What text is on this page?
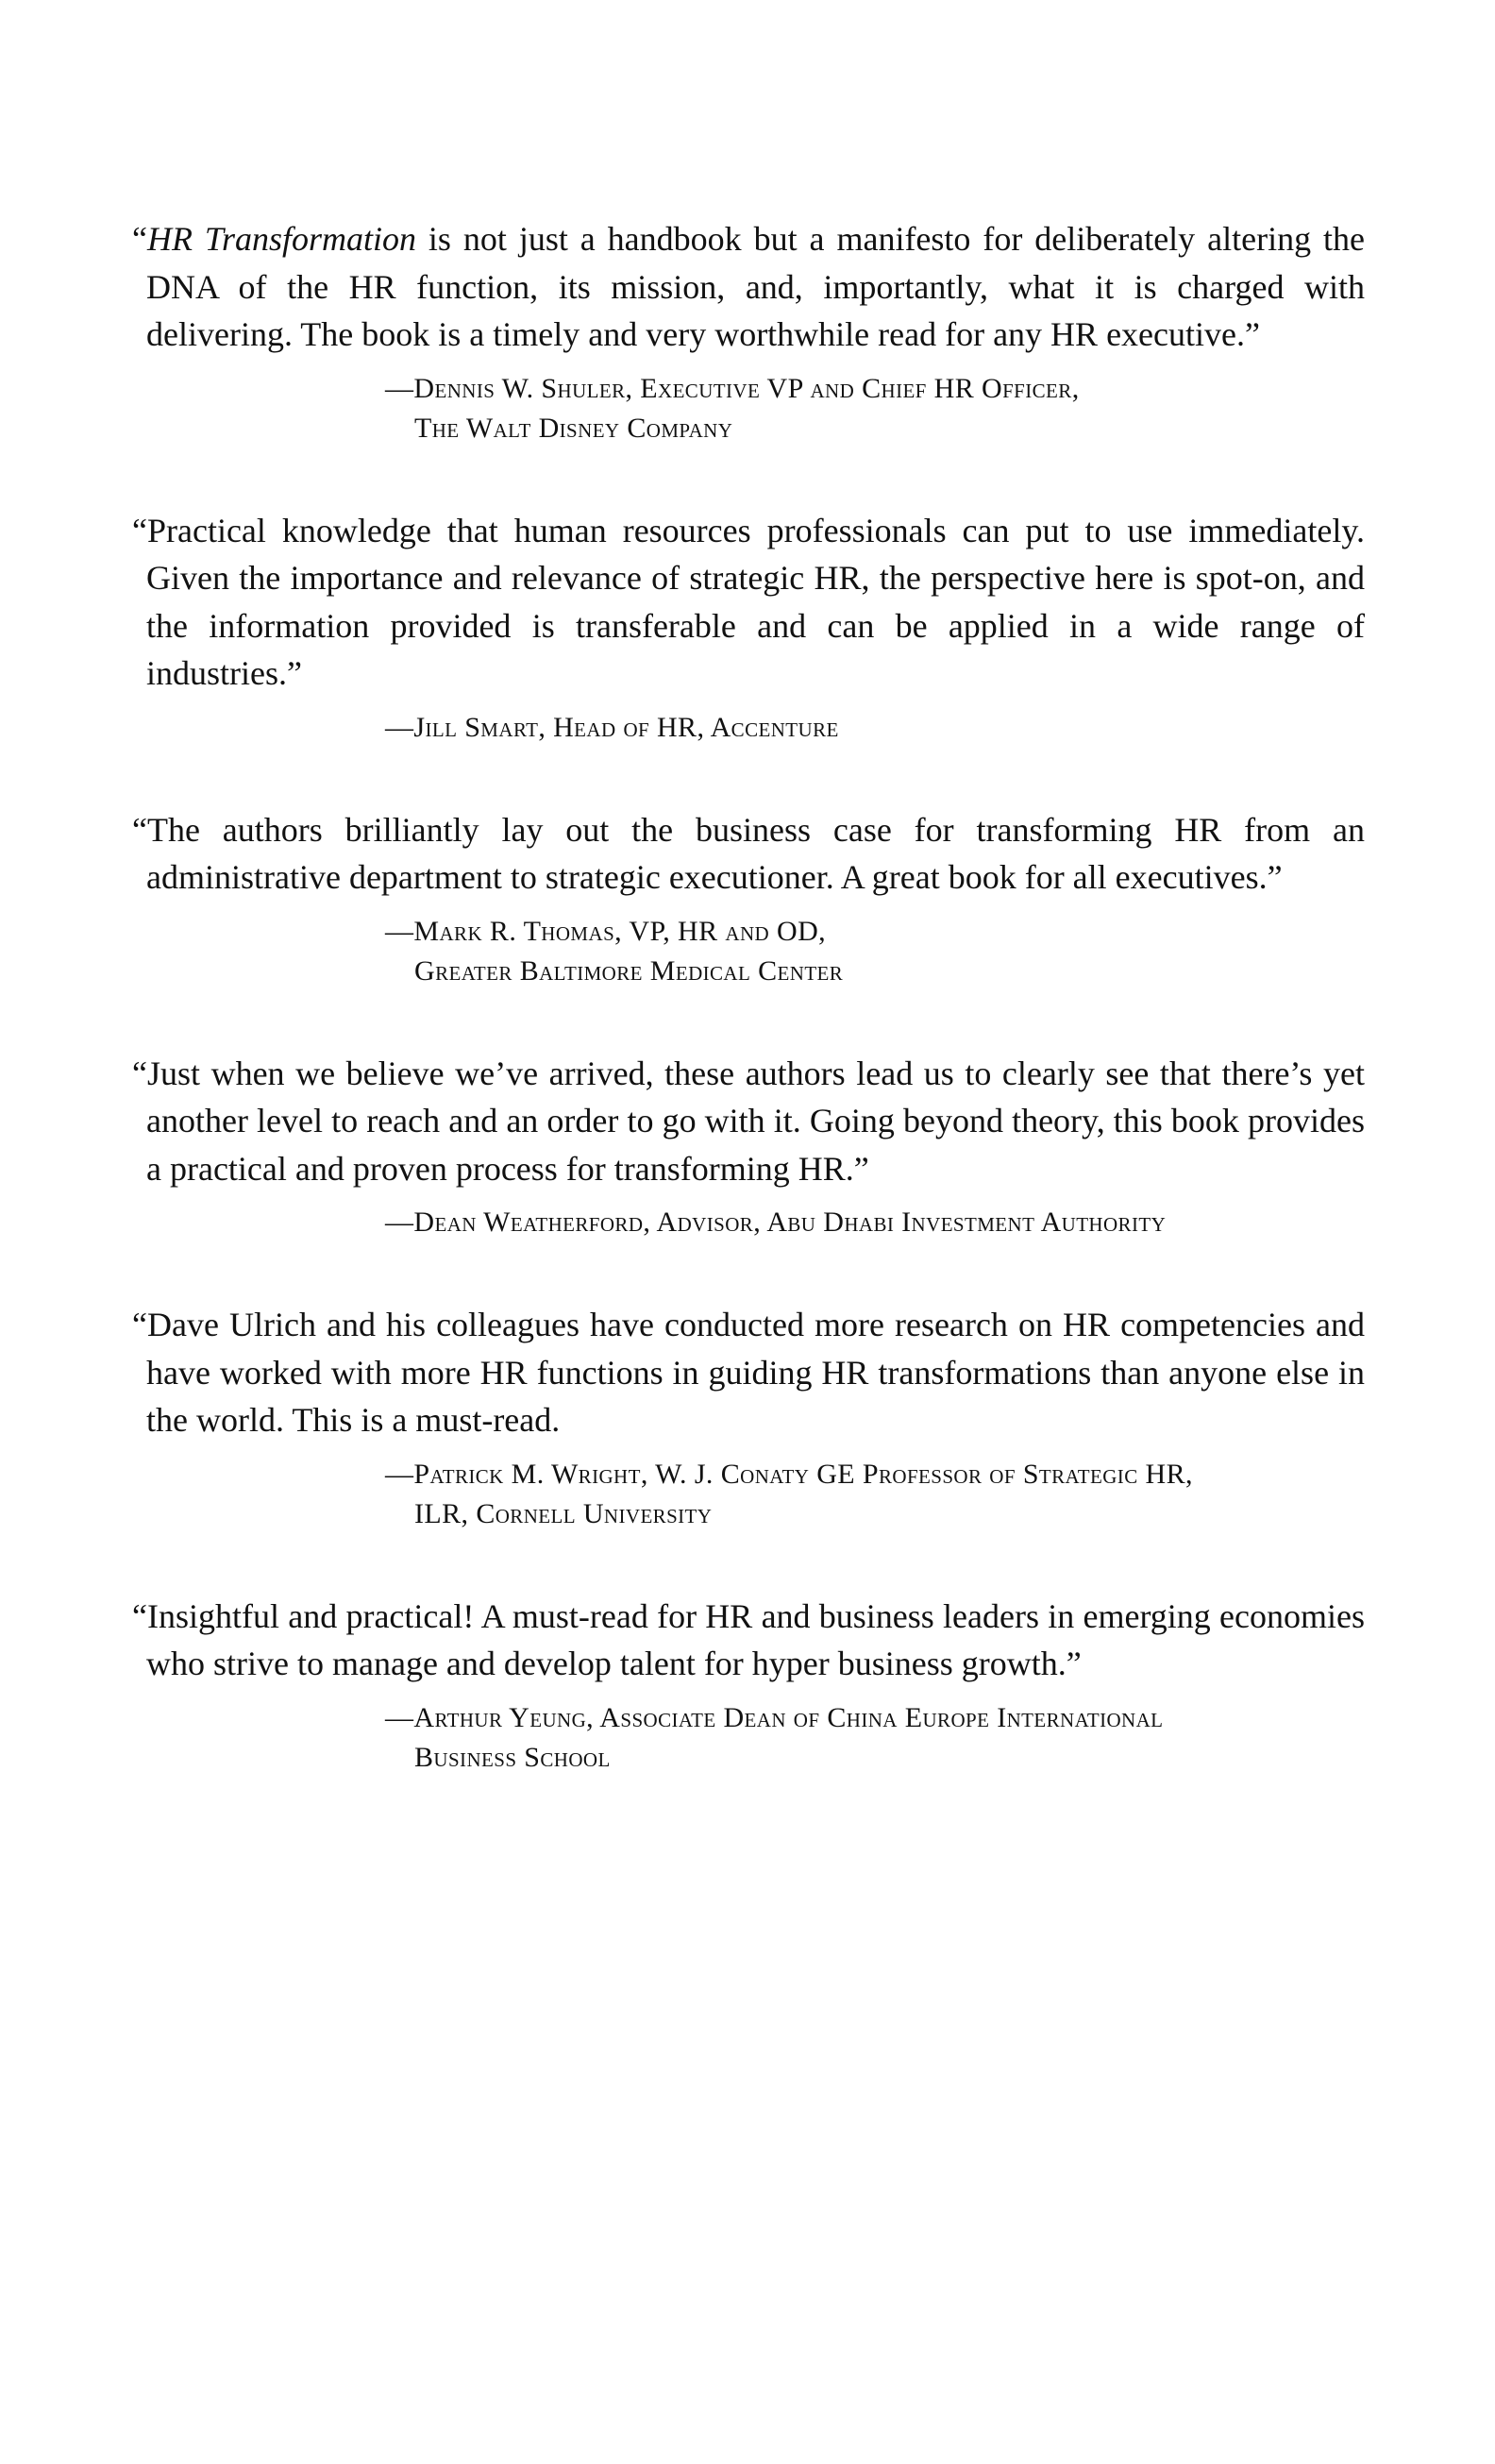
“HR Transformation is not just a handbook but a manifesto for deliberately altering the DNA of the HR function, its mission, and, importantly, what it is charged with delivering. The book is a timely and very worthwhile read for any HR executive.”

—Dennis W. Shuler, Executive VP and Chief HR Officer,
The Walt Disney Company

“Practical knowledge that human resources professionals can put to use immediately. Given the importance and relevance of strategic HR, the perspective here is spot-on, and the information provided is transferable and can be applied in a wide range of industries.”

—Jill Smart, Head of HR, Accenture

“The authors brilliantly lay out the business case for transforming HR from an administrative department to strategic executioner. A great book for all executives.”

—Mark R. Thomas, VP, HR and OD,
Greater Baltimore Medical Center

“Just when we believe we’ve arrived, these authors lead us to clearly see that there’s yet another level to reach and an order to go with it. Going beyond theory, this book provides a practical and proven process for transforming HR.”

—Dean Weatherford, Advisor, Abu Dhabi Investment Authority

“Dave Ulrich and his colleagues have conducted more research on HR competencies and have worked with more HR functions in guiding HR transformations than anyone else in the world. This is a must-read.

—Patrick M. Wright, W. J. Conaty GE Professor of Strategic HR,
ILR, Cornell University

“Insightful and practical! A must-read for HR and business leaders in emerging economies who strive to manage and develop talent for hyper business growth.”

—Arthur Yeung, Associate Dean of China Europe International
Business School
